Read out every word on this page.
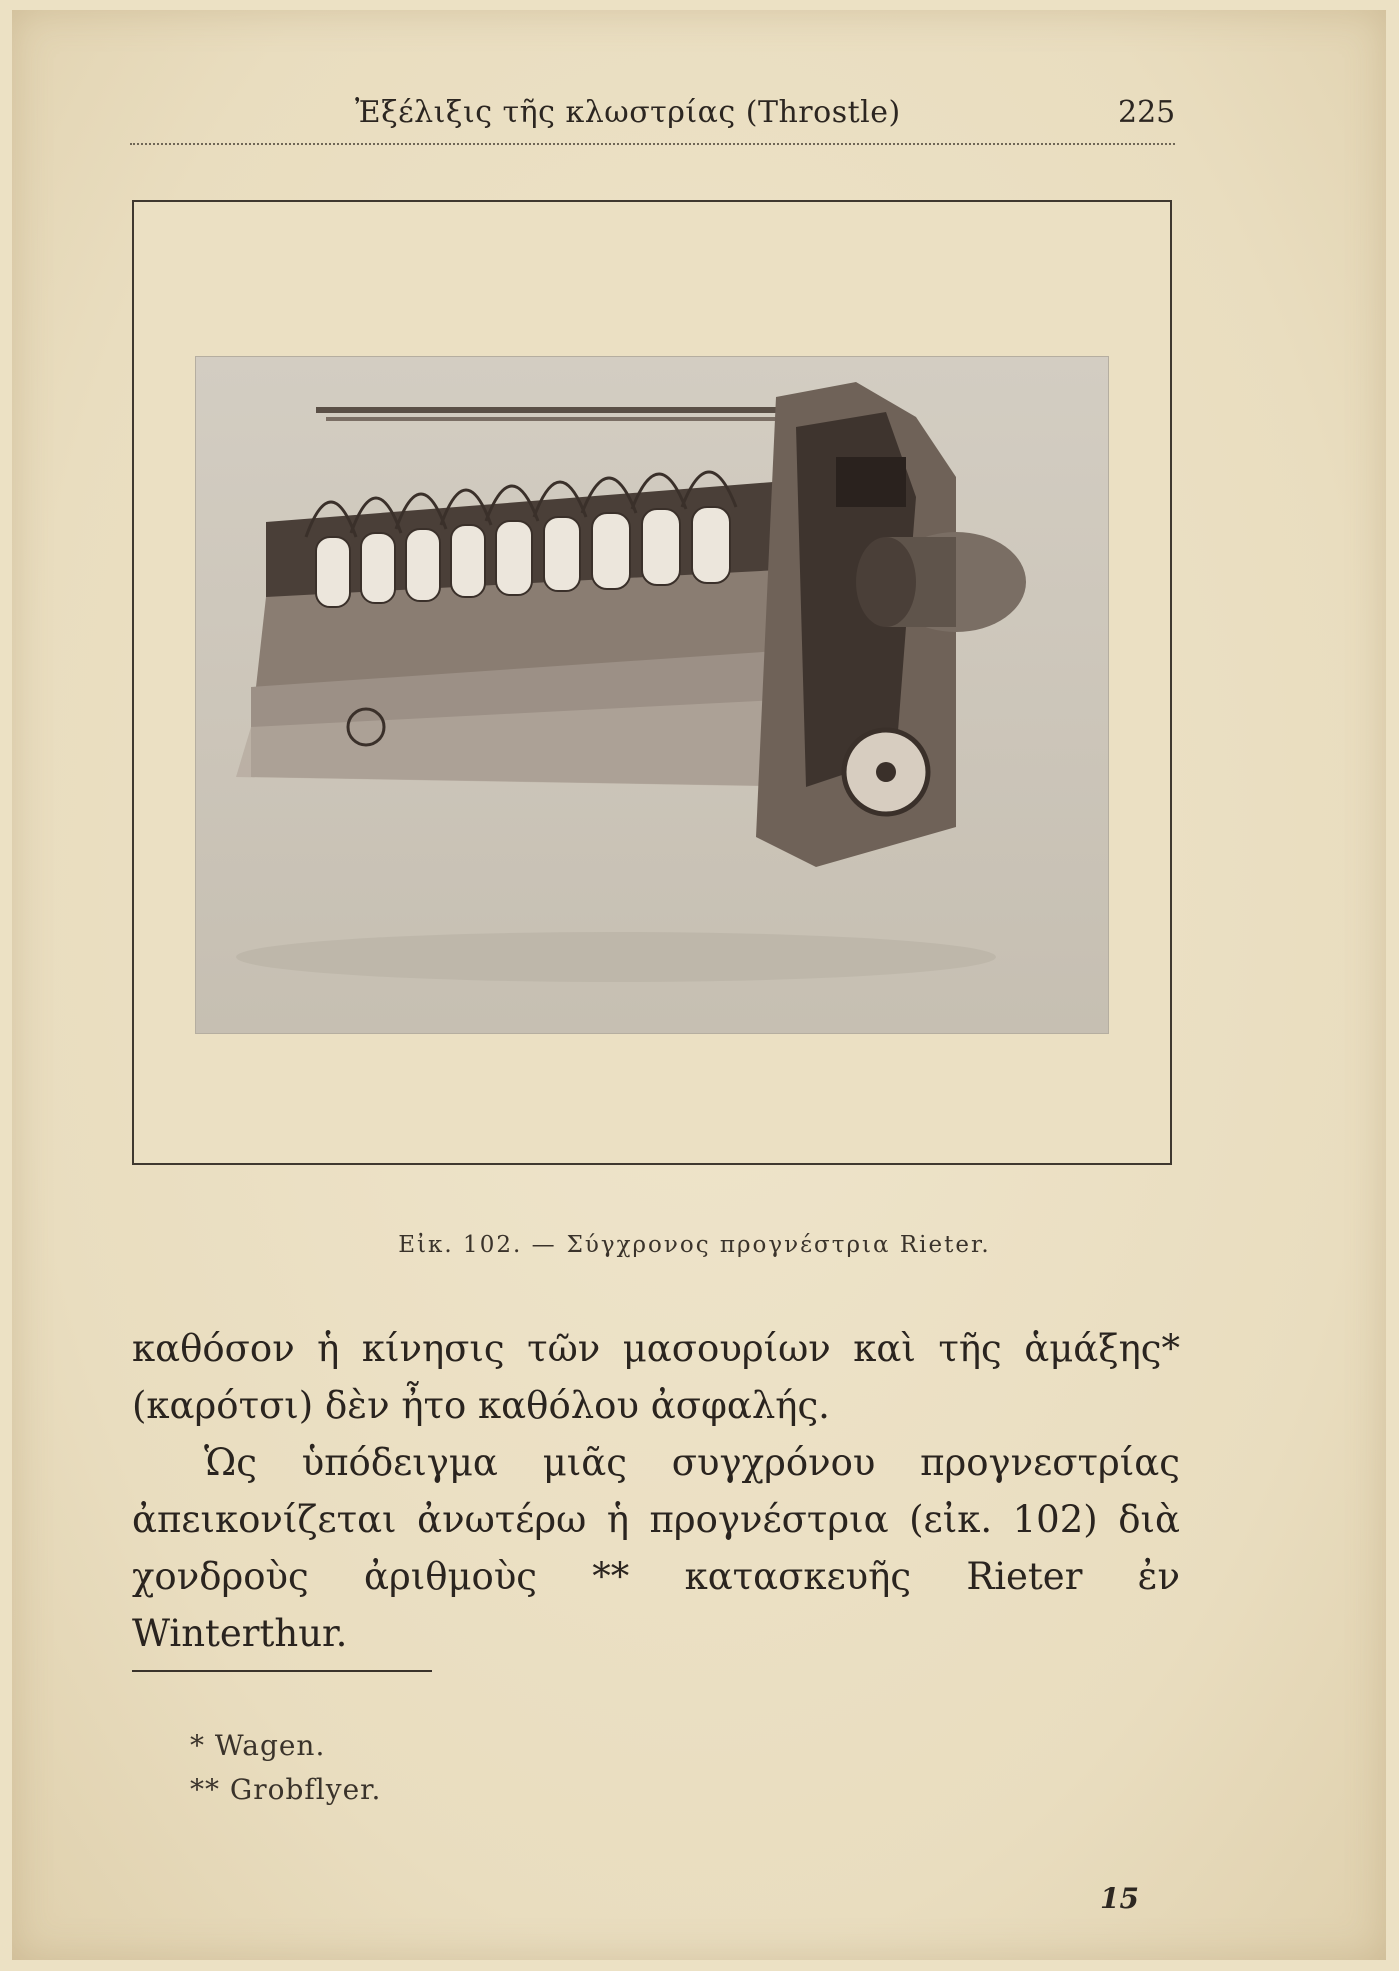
Ἐξέλιξις τῆς κλωστρίας (Throstle)	225
Εἰκ. 102. — Σύγχρονος προγνέστρια Rieter.

καθόσον ἡ κίνησις τῶν μασουρίων καὶ τῆς ἁμάξης* (καρότσι) δὲν ἦτο καθόλου ἀσφαλής.

Ὡς ὑπόδειγμα μιᾶς συγχρόνου προγνεστρίας ἀπεικονίζεται ἀνωτέρω ἡ προγνέστρια (εἰκ. 102) διὰ χονδροὺς ἀριθμοὺς ** κατασκευῆς Rieter ἐν Winterthur.

* Wagen.
** Grobflyer.
15
